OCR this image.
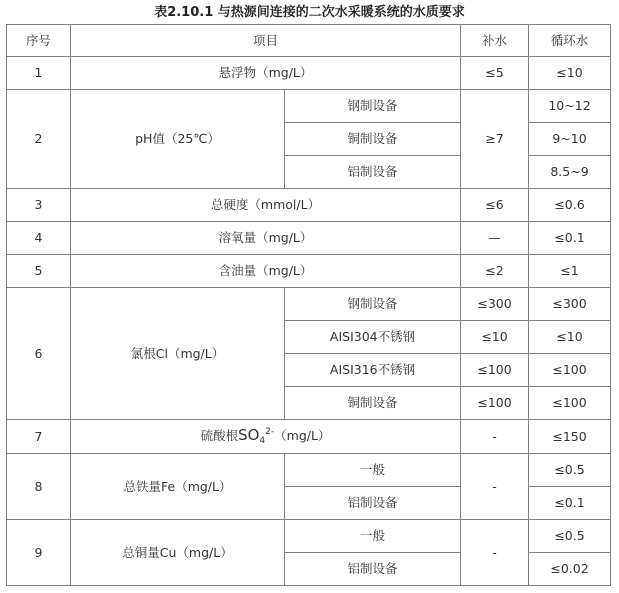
表2.10.1 与热源间连接的二次水采暖系统的水质要求
序号	项目		补水	循环水
1	悬浮物（mg/L）		≤5	≤10
2	pH值（25℃）	钢制设备	≥7	10~12
		铜制设备		9~10
		铝制设备		8.5~9
3	总硬度（mmol/L）		≤6	≤0.6
4	溶氧量（mg/L）		—	≤0.1
5	含油量（mg/L）		≤2	≤1
6	氯根Cl（mg/L）	钢制设备	≤300	≤300
		AISI304不锈钢	≤10	≤10
		AISI316不锈钢	≤100	≤100
		铜制设备	≤100	≤100
7	硫酸根$SO_4^{2-}(mg/L)$		-	≤150
8	总铁量Fe（mg/L）	一般	-	≤0.5
		铝制设备		≤0.1
9	总铜量Cu（mg/L）	一般	-	≤0.5
		铝制设备		≤0.02
